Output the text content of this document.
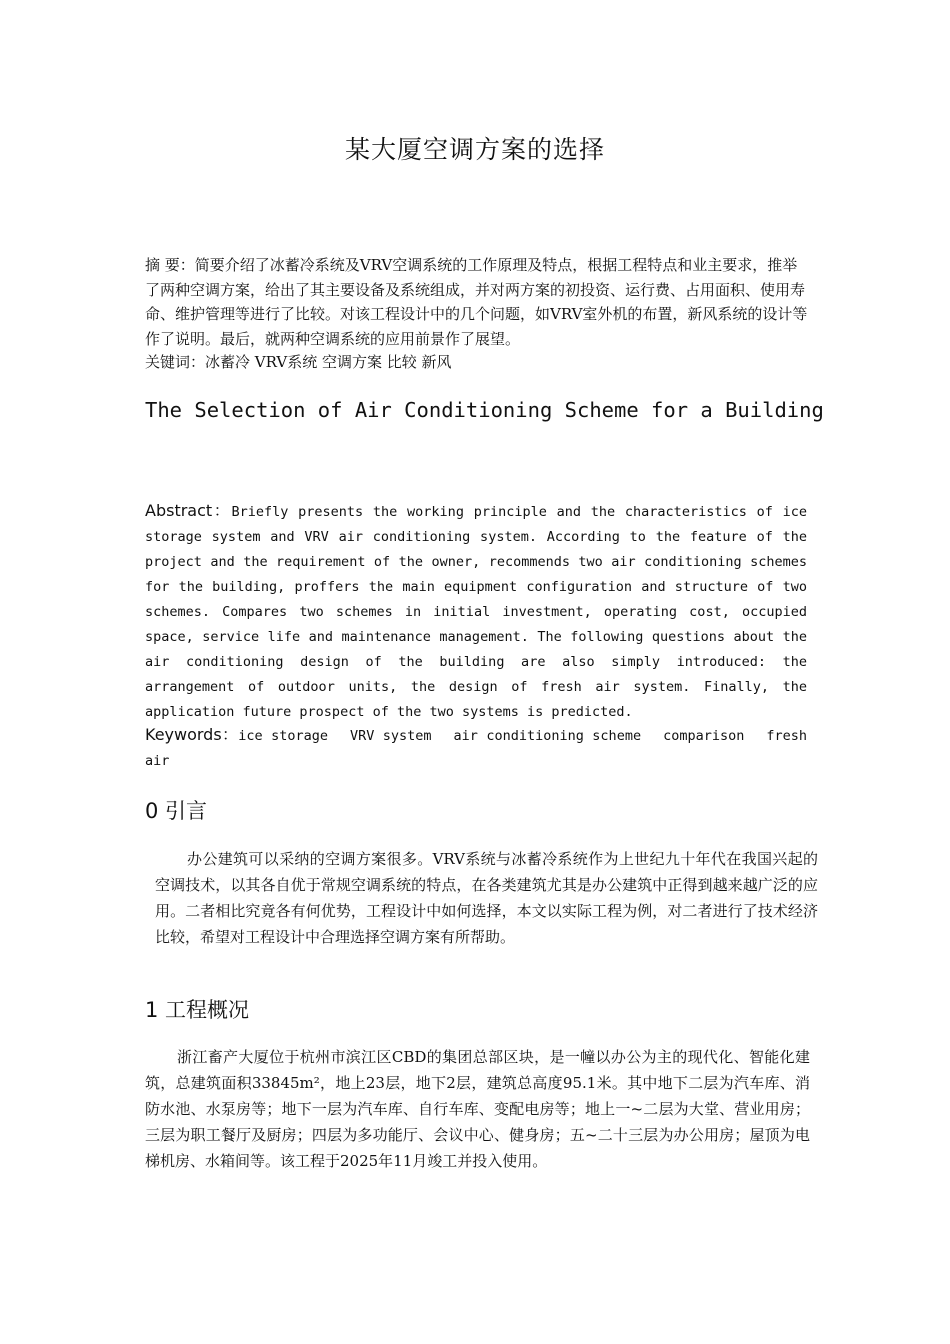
某大厦空调方案的选择
摘 要：简要介绍了冰蓄冷系统及VRV空调系统的工作原理及特点，根据工程特点和业主要求，推举了两种空调方案，给出了其主要设备及系统组成，并对两方案的初投资、运行费、占用面积、使用寿命、维护管理等进行了比较。对该工程设计中的几个问题，如VRV室外机的布置，新风系统的设计等作了说明。最后，就两种空调系统的应用前景作了展望。
关键词：冰蓄冷 VRV系统 空调方案 比较 新风
The Selection of Air Conditioning Scheme for a Building
Abstract：Briefly presents the working principle and the characteristics of ice storage system and VRV air conditioning system. According to the feature of the project and the requirement of the owner, recommends two air conditioning schemes for the building, proffers the main equipment configuration and structure of two schemes. Compares two schemes in initial investment, operating cost, occupied space, service life and maintenance management. The following questions about the air conditioning design of the building are also simply introduced: the arrangement of outdoor units, the design of fresh air system. Finally, the application future prospect of the two systems is predicted.
Keywords：ice storage VRV system air conditioning scheme comparison fresh air
0 引言

办公建筑可以采纳的空调方案很多。VRV系统与冰蓄冷系统作为上世纪九十年代在我国兴起的空调技术，以其各自优于常规空调系统的特点，在各类建筑尤其是办公建筑中正得到越来越广泛的应用。二者相比究竟各有何优势，工程设计中如何选择，本文以实际工程为例，对二者进行了技术经济比较，希望对工程设计中合理选择空调方案有所帮助。

1 工程概况

浙江畜产大厦位于杭州市滨江区CBD的集团总部区块，是一幢以办公为主的现代化、智能化建筑，总建筑面积33845m²，地上23层，地下2层，建筑总高度95.1米。其中地下二层为汽车库、消防水池、水泵房等；地下一层为汽车库、自行车库、变配电房等；地上一~二层为大堂、营业用房；三层为职工餐厅及厨房；四层为多功能厅、会议中心、健身房；五~二十三层为办公用房；屋顶为电梯机房、水箱间等。该工程于2025年11月竣工并投入使用。
